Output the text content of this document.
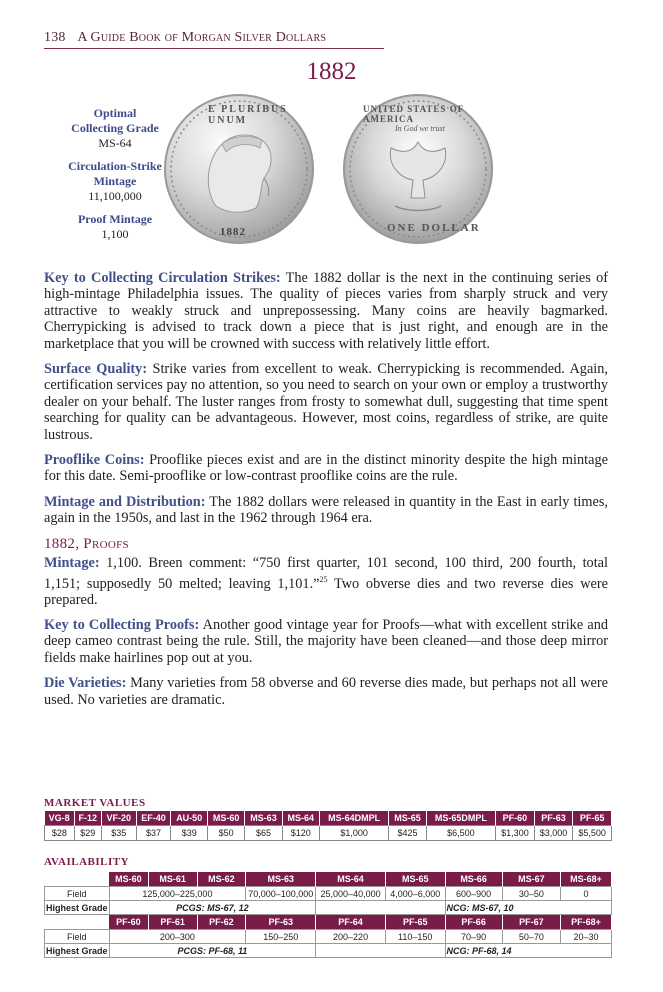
138 A Guide Book of Morgan Silver Dollars
1882
Optimal Collecting Grade
MS-64
Circulation-Strike Mintage
11,100,000
Proof Mintage
1,100
E PLURIBUS UNUM
1882
UNITED STATES OF AMERICA
In God we trust
ONE DOLLAR

Key to Collecting Circulation Strikes: The 1882 dollar is the next in the continuing series of high-mintage Philadelphia issues. The quality of pieces varies from sharply struck and very attractive to weakly struck and unprepossessing. Many coins are heavily bagmarked. Cherrypicking is advised to track down a piece that is just right, and enough are in the marketplace that you will be crowned with success with relatively little effort.

Surface Quality: Strike varies from excellent to weak. Cherrypicking is recommended. Again, certification services pay no attention, so you need to search on your own or employ a trustworthy dealer on your behalf. The luster ranges from frosty to somewhat dull, suggesting that time spent searching for quality can be advantageous. However, most coins, regardless of strike, are quite lustrous.

Prooflike Coins: Prooflike pieces exist and are in the distinct minority despite the high mintage for this date. Semi-prooflike or low-contrast prooflike coins are the rule.

Mintage and Distribution: The 1882 dollars were released in quantity in the East in early times, again in the 1950s, and last in the 1962 through 1964 era.

1882, Proofs

Mintage: 1,100. Breen comment: “750 first quarter, 101 second, 100 third, 200 fourth, total 1,151; supposedly 50 melted; leaving 1,101.”$^{25}$ Two obverse dies and two reverse dies were prepared.

Key to Collecting Proofs: Another good vintage year for Proofs—what with excellent strike and deep cameo contrast being the rule. Still, the majority have been cleaned—and those deep mirror fields make hairlines pop out at you.

Die Varieties: Many varieties from 58 obverse and 60 reverse dies made, but perhaps not all were used. No varieties are dramatic.

MARKET VALUES
VG-8	F-12	VF-20	EF-40	AU-50	MS-60	MS-63	MS-64	MS-64DMPL	MS-65	MS-65DMPL	PF-60	PF-63	PF-65
$28	$29	$35	$37	$39	$50	$65	$120	$1,000	$425	$6,500	$1,300	$3,000	$5,500
AVAILABILITY
	MS-60	MS-61	MS-62	MS-63	MS-64	MS-65	MS-66	MS-67	MS-68+
Field	125,000–225,000			70,000–100,000	25,000–40,000	4,000–6,000	600–900	30–50	0
Highest Grade	PCGS: MS-67, 12						NCG: MS-67, 10		
	PF-60	PF-61	PF-62	PF-63	PF-64	PF-65	PF-66	PF-67	PF-68+
Field	200–300			150–250	200–220	110–150	70–90	50–70	20–30
Highest Grade	PCGS: PF-68, 11						NCG: PF-68, 14		
